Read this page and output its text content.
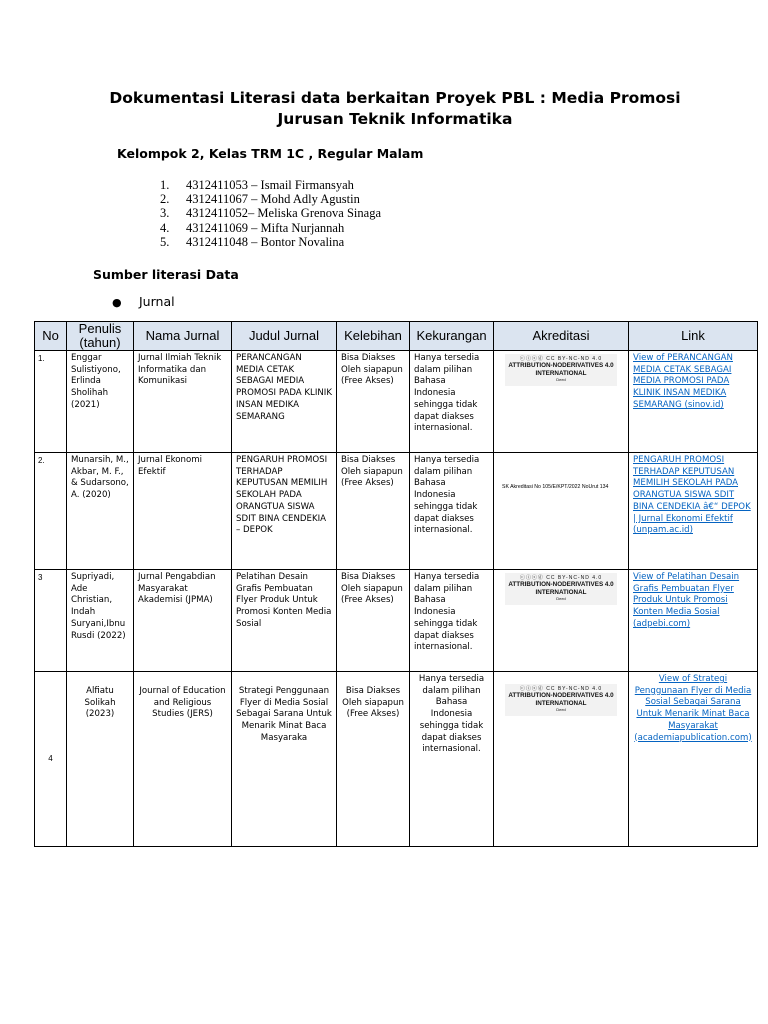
Dokumentasi Literasi data berkaitan Proyek PBL : Media Promosi Jurusan Teknik Informatika
Kelompok 2, Kelas TRM 1C , Regular Malam
1. 4312411053 – Ismail Firmansyah
2. 4312411067 – Mohd Adly Agustin
3. 4312411052– Meliska Grenova Sinaga
4. 4312411069 – Mifta Nurjannah
5. 4312411048 – Bontor Novalina
Sumber literasi Data
● Jurnal
No	Penulis
(tahun)	Nama Jurnal	Judul Jurnal	Kelebihan	Kekurangan	Akreditasi	Link
1.	Enggar Sulistiyono, Erlinda Sholihah (2021)	Jurnal Ilmiah Teknik Informatika dan Komunikasi	PERANCANGAN MEDIA CETAK SEBAGAI MEDIA PROMOSI PADA KLINIK INSAN MEDIKA SEMARANG	Bisa Diakses Oleh siapapun (Free Akses)	Hanya tersedia dalam pilihan Bahasa Indonesia sehingga tidak dapat diakses internasional.	ⓒⓘⓢⓓ CC BY-NC-ND 4.0
ATTRIBUTION-NODERIVATIVES 4.0 INTERNATIONAL
Deed	View of PERANCANGAN MEDIA CETAK SEBAGAI MEDIA PROMOSI PADA KLINIK INSAN MEDIKA SEMARANG (sinov.id)
2.	Munarsih, M., Akbar, M. F., & Sudarsono, A. (2020)	Jurnal Ekonomi Efektif	PENGARUH PROMOSI TERHADAP KEPUTUSAN MEMILIH SEKOLAH PADA ORANGTUA SISWA SDIT BINA CENDEKIA – DEPOK	Bisa Diakses Oleh siapapun (Free Akses)	Hanya tersedia dalam pilihan Bahasa Indonesia sehingga tidak dapat diakses internasional.	SK Akreditasi No 105/E/KPT/2022 NoUrut 134	PENGARUH PROMOSI TERHADAP KEPUTUSAN MEMILIH SEKOLAH PADA ORANGTUA SISWA SDIT BINA CENDEKIA â€“ DEPOK | Jurnal Ekonomi Efektif (unpam.ac.id)
3	Supriyadi, Ade Christian, Indah Suryani,Ibnu Rusdi (2022)	Jurnal Pengabdian Masyarakat Akademisi (JPMA)	Pelatihan Desain Grafis Pembuatan Flyer Produk Untuk Promosi Konten Media Sosial	Bisa Diakses Oleh siapapun (Free Akses)	Hanya tersedia dalam pilihan Bahasa Indonesia sehingga tidak dapat diakses internasional.	ⓒⓘⓢⓓ CC BY-NC-ND 4.0
ATTRIBUTION-NODERIVATIVES 4.0 INTERNATIONAL
Deed	View of Pelatihan Desain Grafis Pembuatan Flyer Produk Untuk Promosi Konten Media Sosial (adpebi.com)
4	Alfiatu Solikah (2023)	Journal of Education and Religious Studies (JERS)	Strategi Penggunaan Flyer di Media Sosial Sebagai Sarana Untuk Menarik Minat Baca Masyaraka	Bisa Diakses Oleh siapapun (Free Akses)	Hanya tersedia dalam pilihan Bahasa Indonesia sehingga tidak dapat diakses internasional.	ⓒⓘⓢⓓ CC BY-NC-ND 4.0
ATTRIBUTION-NODERIVATIVES 4.0 INTERNATIONAL
Deed	View of Strategi Penggunaan Flyer di Media Sosial Sebagai Sarana Untuk Menarik Minat Baca Masyarakat (academiapublication.com)
